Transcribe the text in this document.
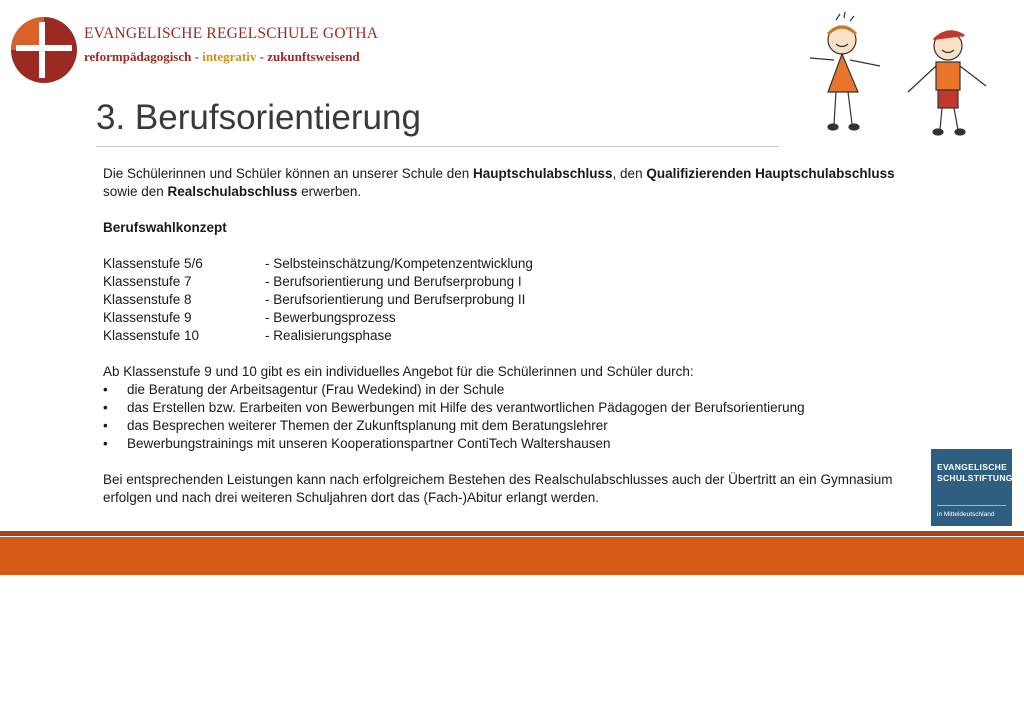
EVANGELISCHE REGELSCHULE GOTHA
reformpädagogisch - integrativ - zukunftsweisend
3. Berufsorientierung

Die Schülerinnen und Schüler können an unserer Schule den Hauptschulabschluss, den Qualifizierenden Hauptschulabschluss
sowie den Realschulabschluss erwerben.

Berufswahlkonzept

Klassenstufe 5/6	- Selbsteinschätzung/Kompetenzentwicklung
Klassenstufe 7	- Berufsorientierung und Berufserprobung I
Klassenstufe 8	- Berufsorientierung und Berufserprobung II
Klassenstufe 9	- Bewerbungsprozess
Klassenstufe 10	- Realisierungsphase

Ab Klassenstufe 9 und 10 gibt es ein individuelles Angebot für die Schülerinnen und Schüler durch:

•	die Beratung der Arbeitsagentur (Frau Wedekind) in der Schule
•	das Erstellen bzw. Erarbeiten von Bewerbungen mit Hilfe des verantwortlichen Pädagogen der Berufsorientierung
•	das Besprechen weiterer Themen der Zukunftsplanung mit dem Beratungslehrer
•	Bewerbungstrainings mit unseren Kooperationspartner ContiTech Waltershausen

Bei entsprechenden Leistungen kann nach erfolgreichem Bestehen des Realschulabschlusses auch der Übertritt an ein Gymnasium
erfolgen und nach drei weiteren Schuljahren dort das (Fach-)Abitur erlangt werden.

EVANGELISCHE
SCHULSTIFTUNG
in Mitteldeutschland
